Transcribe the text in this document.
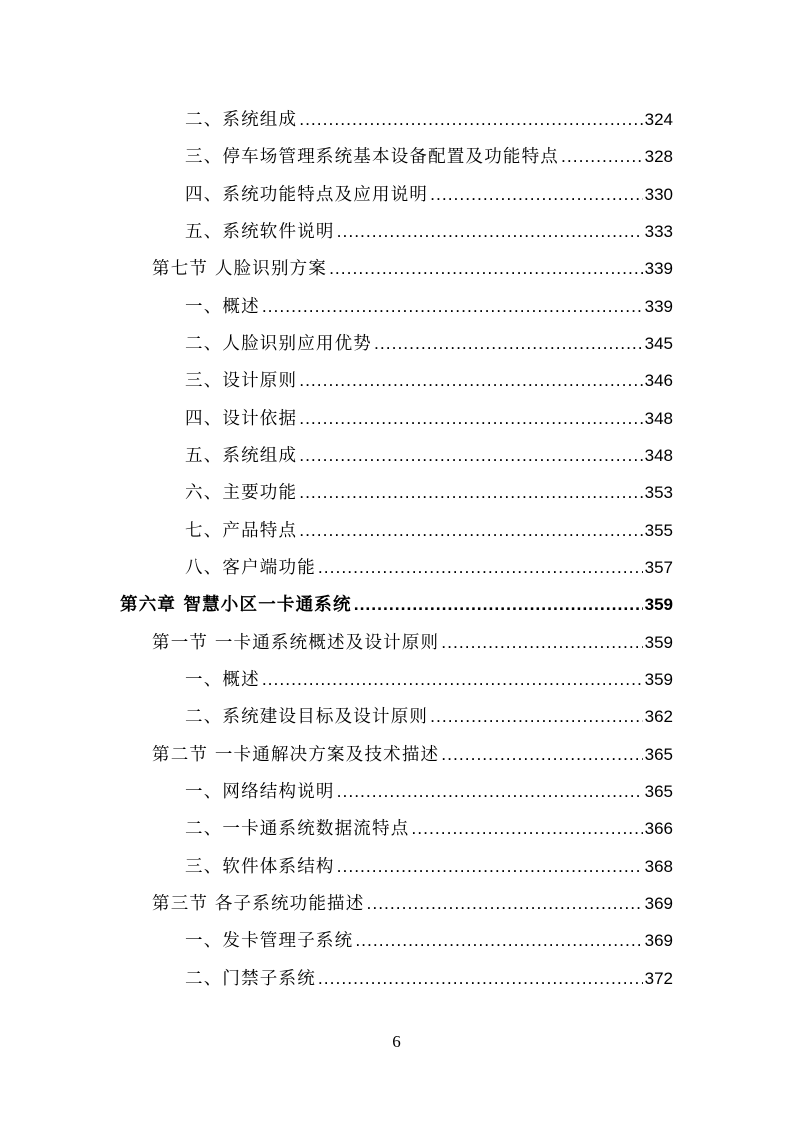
二、系统组成 .....	324
三、停车场管理系统基本设备配置及功能特点 .....	328
四、系统功能特点及应用说明 .....	330
五、系统软件说明 .....	333
第七节 人脸识别方案 .....	339
一、概述 .....	339
二、人脸识别应用优势 .....	345
三、设计原则 .....	346
四、设计依据 .....	348
五、系统组成 .....	348
六、主要功能 .....	353
七、产品特点 .....	355
八、客户端功能 .....	357
第六章 智慧小区一卡通系统 .....	359
第一节 一卡通系统概述及设计原则 .....	359
一、概述 .....	359
二、系统建设目标及设计原则 .....	362
第二节 一卡通解决方案及技术描述 .....	365
一、网络结构说明 .....	365
二、一卡通系统数据流特点 .....	366
三、软件体系结构 .....	368
第三节 各子系统功能描述 .....	369
一、发卡管理子系统 .....	369
二、门禁子系统 .....	372
6
